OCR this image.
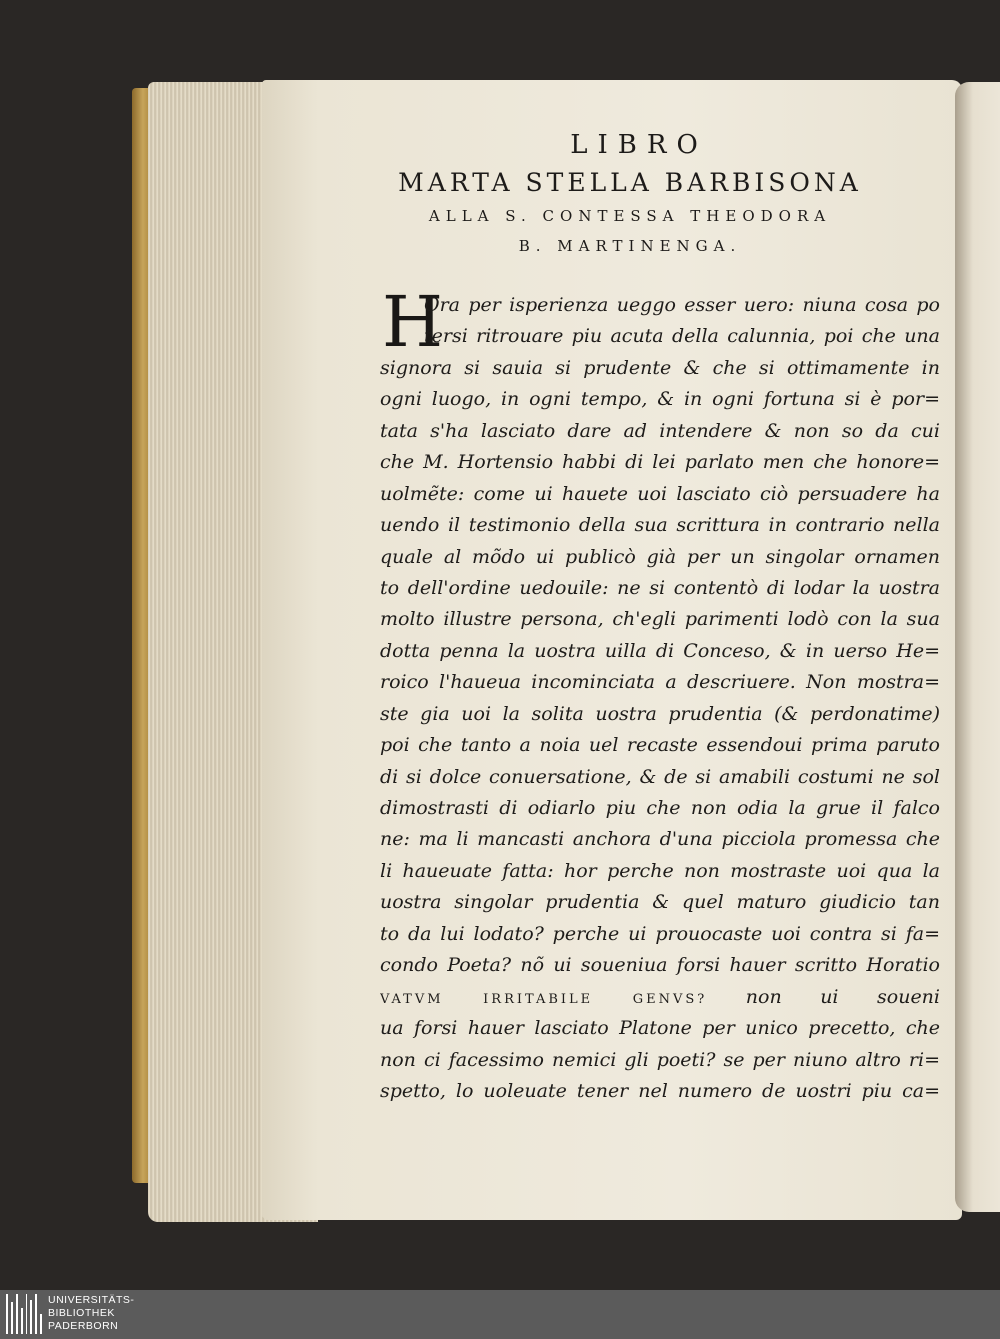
LIBRO
MARTA STELLA BARBISONA
ALLA S. CONTESSA THEODORA
B. MARTINENGA.
H
Ora per isperienza ueggo esser uero: niuna cosa po
tersi ritrouare piu acuta della calunnia, poi che una
signora si sauia si prudente & che si ottimamente in
ogni luogo, in ogni tempo, & in ogni fortuna si è por=
tata s'ha lasciato dare ad intendere & non so da cui
che M. Hortensio habbi di lei parlato men che honore=
uolmẽte: come ui hauete uoi lasciato ciò persuadere ha
uendo il testimonio della sua scrittura in contrario nella
quale al mõdo ui publicò già per un singolar ornamen
to dell'ordine uedouile: ne si contentò di lodar la uostra
molto illustre persona, ch'egli parimenti lodò con la sua
dotta penna la uostra uilla di Conceso, & in uerso He=
roico l'haueua incominciata a descriuere. Non mostra=
ste gia uoi la solita uostra prudentia (& perdonatime)
poi che tanto a noia uel recaste essendoui prima paruto
di si dolce conuersatione, & de si amabili costumi ne sol
dimostrasti di odiarlo piu che non odia la grue il falco
ne: ma li mancasti anchora d'una picciola promessa che
li haueuate fatta: hor perche non mostraste uoi qua la
uostra singolar prudentia & quel maturo giudicio tan
to da lui lodato? perche ui prouocaste uoi contra si fa=
condo Poeta? nõ ui soueniua forsi hauer scritto Horatio
VATVM IRRITABILE GENVS? non ui soueni
ua forsi hauer lasciato Platone per unico precetto, che
non ci facessimo nemici gli poeti? se per niuno altro ri=
spetto, lo uoleuate tener nel numero de uostri piu ca=
UNIVERSITÄTS-
BIBLIOTHEK
PADERBORN
